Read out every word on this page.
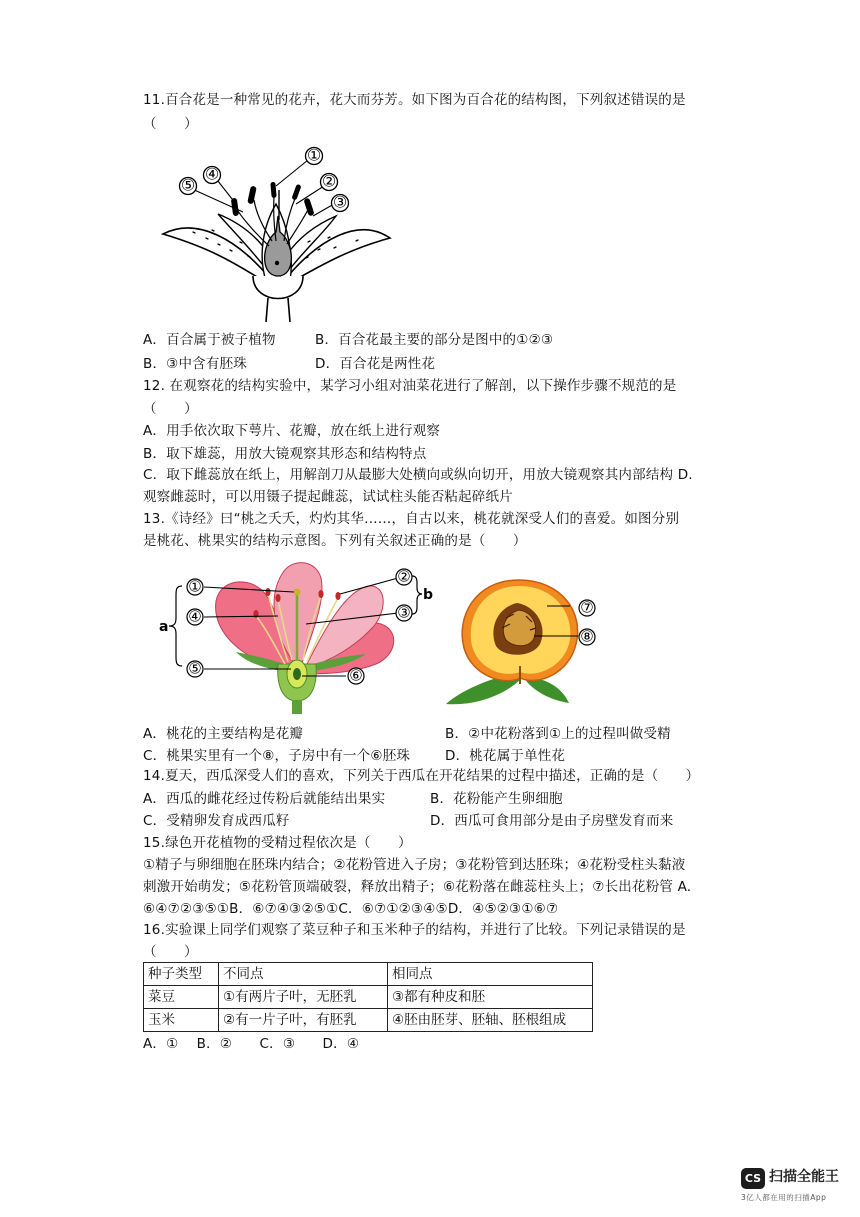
11.百合花是一种常见的花卉，花大而芬芳。如下图为百合花的结构图，下列叙述错误的是
（　　）
①
②
③
④
⑤
A．百合属于被子植物	B．百合花最主要的部分是图中的①②③
B．③中含有胚珠	D．百合花是两性花
12. 在观察花的结构实验中，某学习小组对油菜花进行了解剖，以下操作步骤不规范的是
（　　）
A．用手依次取下萼片、花瓣，放在纸上进行观察
B．取下雄蕊，用放大镜观察其形态和结构特点
C．取下雌蕊放在纸上，用解剖刀从最膨大处横向或纵向切开，用放大镜观察其内部结构 D.
观察雌蕊时，可以用镊子提起雌蕊，试试柱头能否粘起碎纸片
13.《诗经》曰“桃之夭夭，灼灼其华……，自古以来，桃花就深受人们的喜爱。如图分别
是桃花、桃果实的结构示意图。下列有关叙述正确的是（　　）
a
b
①
②
③
④
⑤	⑥
⑦
⑧
A．桃花的主要结构是花瓣	B．②中花粉落到①上的过程叫做受精
C．桃果实里有一个⑧，子房中有一个⑥胚珠	D．桃花属于单性花
14.夏天，西瓜深受人们的喜欢，下列关于西瓜在开花结果的过程中描述，正确的是（　　）
A．西瓜的雌花经过传粉后就能结出果实	B．花粉能产生卵细胞
C．受精卵发育成西瓜籽	D．西瓜可食用部分是由子房壁发育而来
15.绿色开花植物的受精过程依次是（　　）
①精子与卵细胞在胚珠内结合；②花粉管进入子房；③花粉管到达胚珠；④花粉受柱头黏液
刺激开始萌发；⑤花粉管顶端破裂，释放出精子；⑥花粉落在雌蕊柱头上；⑦长出花粉管 A.
⑥④⑦②③⑤①B．⑥⑦④③②⑤①C．⑥⑦①②③④⑤D．④⑤②③①⑥⑦
16.实验课上同学们观察了菜豆种子和玉米种子的结构，并进行了比较。下列记录错误的是
（　　）
种子类型	不同点	相同点
菜豆	①有两片子叶，无胚乳	③都有种皮和胚
玉米	②有一片子叶，有胚乳	④胚由胚芽、胚轴、胚根组成
A．①　 B．②　　C．③　　D．④
CS 扫描全能王
3亿人都在用的扫描App
